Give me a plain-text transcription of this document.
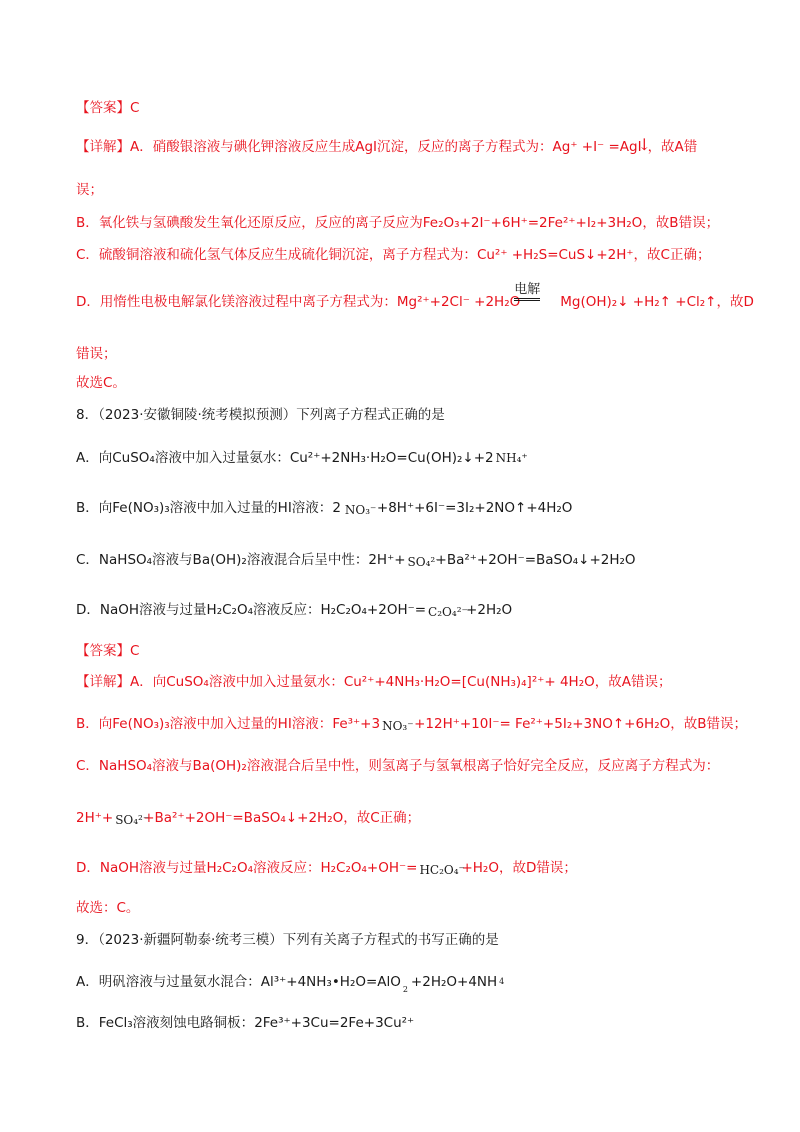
【答案】C
【详解】A．硝酸银溶液与碘化钾溶液反应生成AgI沉淀，反应的离子方程式为：Ag⁺ +I⁻ =AgI
↓
，故A错
误；
B．氧化铁与氢碘酸发生氧化还原反应，反应的离子反应为Fe₂O₃+2I⁻+6H⁺=2Fe²⁺+I₂+3H₂O，故B错误；
C．硫酸铜溶液和硫化氢气体反应生成硫化铜沉淀，离子方程式为：Cu²⁺ +H₂S=CuS↓+2H⁺，故C正确；
D．用惰性电极电解氯化镁溶液过程中离子方程式为：Mg²⁺+2Cl⁻ +2H₂O
电解
Mg(OH)₂↓ +H₂↑ +Cl₂↑，故D
错误；
故选C。
8．（2023·安徽铜陵·统考模拟预测）下列离子方程式正确的是
A．向CuSO₄溶液中加入过量氨水：Cu²⁺+2NH₃·H₂O=Cu(OH)₂↓+2 NH₄⁺
B．向Fe(NO₃)₃溶液中加入过量的HI溶液：2 NO₃⁻ +8H⁺+6I⁻=3I₂+2NO↑+4H₂O
C．NaHSO₄溶液与Ba(OH)₂溶液混合后呈中性：2H⁺+ SO₄²⁻
+Ba²⁺+2OH⁻=BaSO₄↓+2H₂O
D．NaOH溶液与过量H₂C₂O₄溶液反应：H₂C₂O₄+2OH⁻= C₂O₄²⁻
+2H₂O
【答案】C
【详解】A．向CuSO₄溶液中加入过量氨水：Cu²⁺+4NH₃·H₂O=[Cu(NH₃)₄]²⁺+ 4H₂O，故A错误；
B．向Fe(NO₃)₃溶液中加入过量的HI溶液：Fe³⁺+3 NO₃⁻ +12H⁺+10I⁻= Fe²⁺+5I₂+3NO↑+6H₂O，故B错误；
C．NaHSO₄溶液与Ba(OH)₂溶液混合后呈中性，则氢离子与氢氧根离子恰好完全反应，反应离子方程式为：
2H⁺+ SO₄²⁻
+Ba²⁺+2OH⁻=BaSO₄↓+2H₂O，故C正确；
D．NaOH溶液与过量H₂C₂O₄溶液反应：H₂C₂O₄+OH⁻= HC₂O₄⁻
+H₂O，故D错误；
故选：C。
9．（2023·新疆阿勒泰·统考三模）下列有关离子方程式的书写正确的是
A．明矾溶液与过量氨水混合：Al³⁺+4NH₃•H₂O=AlO 2 +2H₂O+4NH 4
B．FeCl₃溶液刻蚀电路铜板：2Fe³⁺+3Cu=2Fe+3Cu²⁺
